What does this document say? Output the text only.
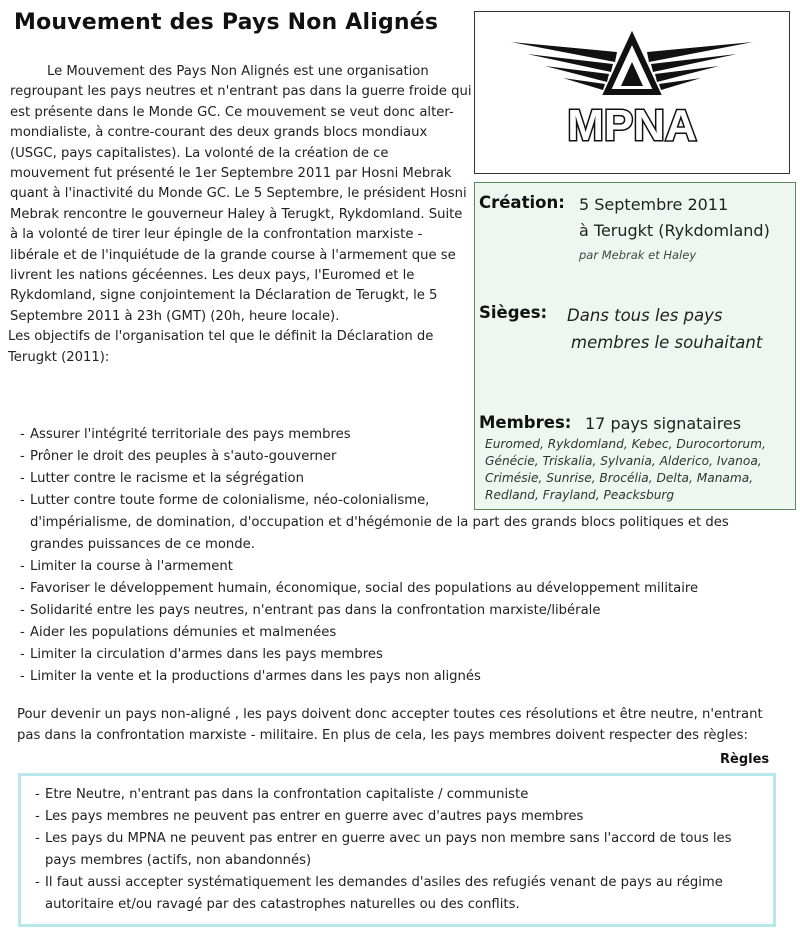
Mouvement des Pays Non Alignés

Le Mouvement des Pays Non Alignés est une organisation regroupant les pays neutres et n'entrant pas dans la guerre froide qui est présente dans le Monde GC. Ce mouvement se veut donc alter-mondialiste, à contre-courant des deux grands blocs mondiaux (USGC, pays capitalistes). La volonté de la création de ce mouvement fut présenté le 1er Septembre 2011 par Hosni Mebrak quant à l'inactivité du Monde GC. Le 5 Septembre, le président Hosni Mebrak rencontre le gouverneur Haley à Terugkt, Rykdomland. Suite à la volonté de tirer leur épingle de la confrontation marxiste - libérale et de l'inquiétude de la grande course à l'armement que se livrent les nations gécéennes. Les deux pays, l'Euromed et le Rykdomland, signe conjointement la Déclaration de Terugkt, le 5 Septembre 2011 à 23h (GMT) (20h, heure locale).

Les objectifs de l'organisation tel que le définit la Déclaration de Terugkt (2011):

MPNA
Création: 5 Septembre 2011
à Terugkt (Rykdomland)
par Mebrak et Haley
Sièges: Dans tous les pays
membres le souhaitant
Membres: 17 pays signataires
Euromed, Rykdomland, Kebec, Durocortorum, Génécie, Triskalia, Sylvania, Alderico, Ivanoa, Crimésie, Sunrise, Brocélia, Delta, Manama, Redland, Frayland, Peacksburg
- Assurer l'intégrité territoriale des pays membres
- Prôner le droit des peuples à s'auto-gouverner
- Lutter contre le racisme et la ségrégation
- Lutter contre toute forme de colonialisme, néo-colonialisme,
d'impérialisme, de domination, d'occupation et d'hégémonie de la part des grands blocs politiques et des grandes puissances de ce monde.
- Limiter la course à l'armement
- Favoriser le développement humain, économique, social des populations au développement militaire
- Solidarité entre les pays neutres, n'entrant pas dans la confrontation marxiste/libérale
- Aider les populations démunies et malmenées
- Limiter la circulation d'armes dans les pays membres
- Limiter la vente et la productions d'armes dans les pays non alignés
Pour devenir un pays non-aligné , les pays doivent donc accepter toutes ces résolutions et être neutre, n'entrant pas dans la confrontation marxiste - militaire. En plus de cela, les pays membres doivent respecter des règles:
Règles
- Etre Neutre, n'entrant pas dans la confrontation capitaliste / communiste
- Les pays membres ne peuvent pas entrer en guerre avec d'autres pays membres
- Les pays du MPNA ne peuvent pas entrer en guerre avec un pays non membre sans l'accord de tous les pays membres (actifs, non abandonnés)
- Il faut aussi accepter systématiquement les demandes d'asiles des refugiés venant de pays au régime autoritaire et/ou ravagé par des catastrophes naturelles ou des conflits.
